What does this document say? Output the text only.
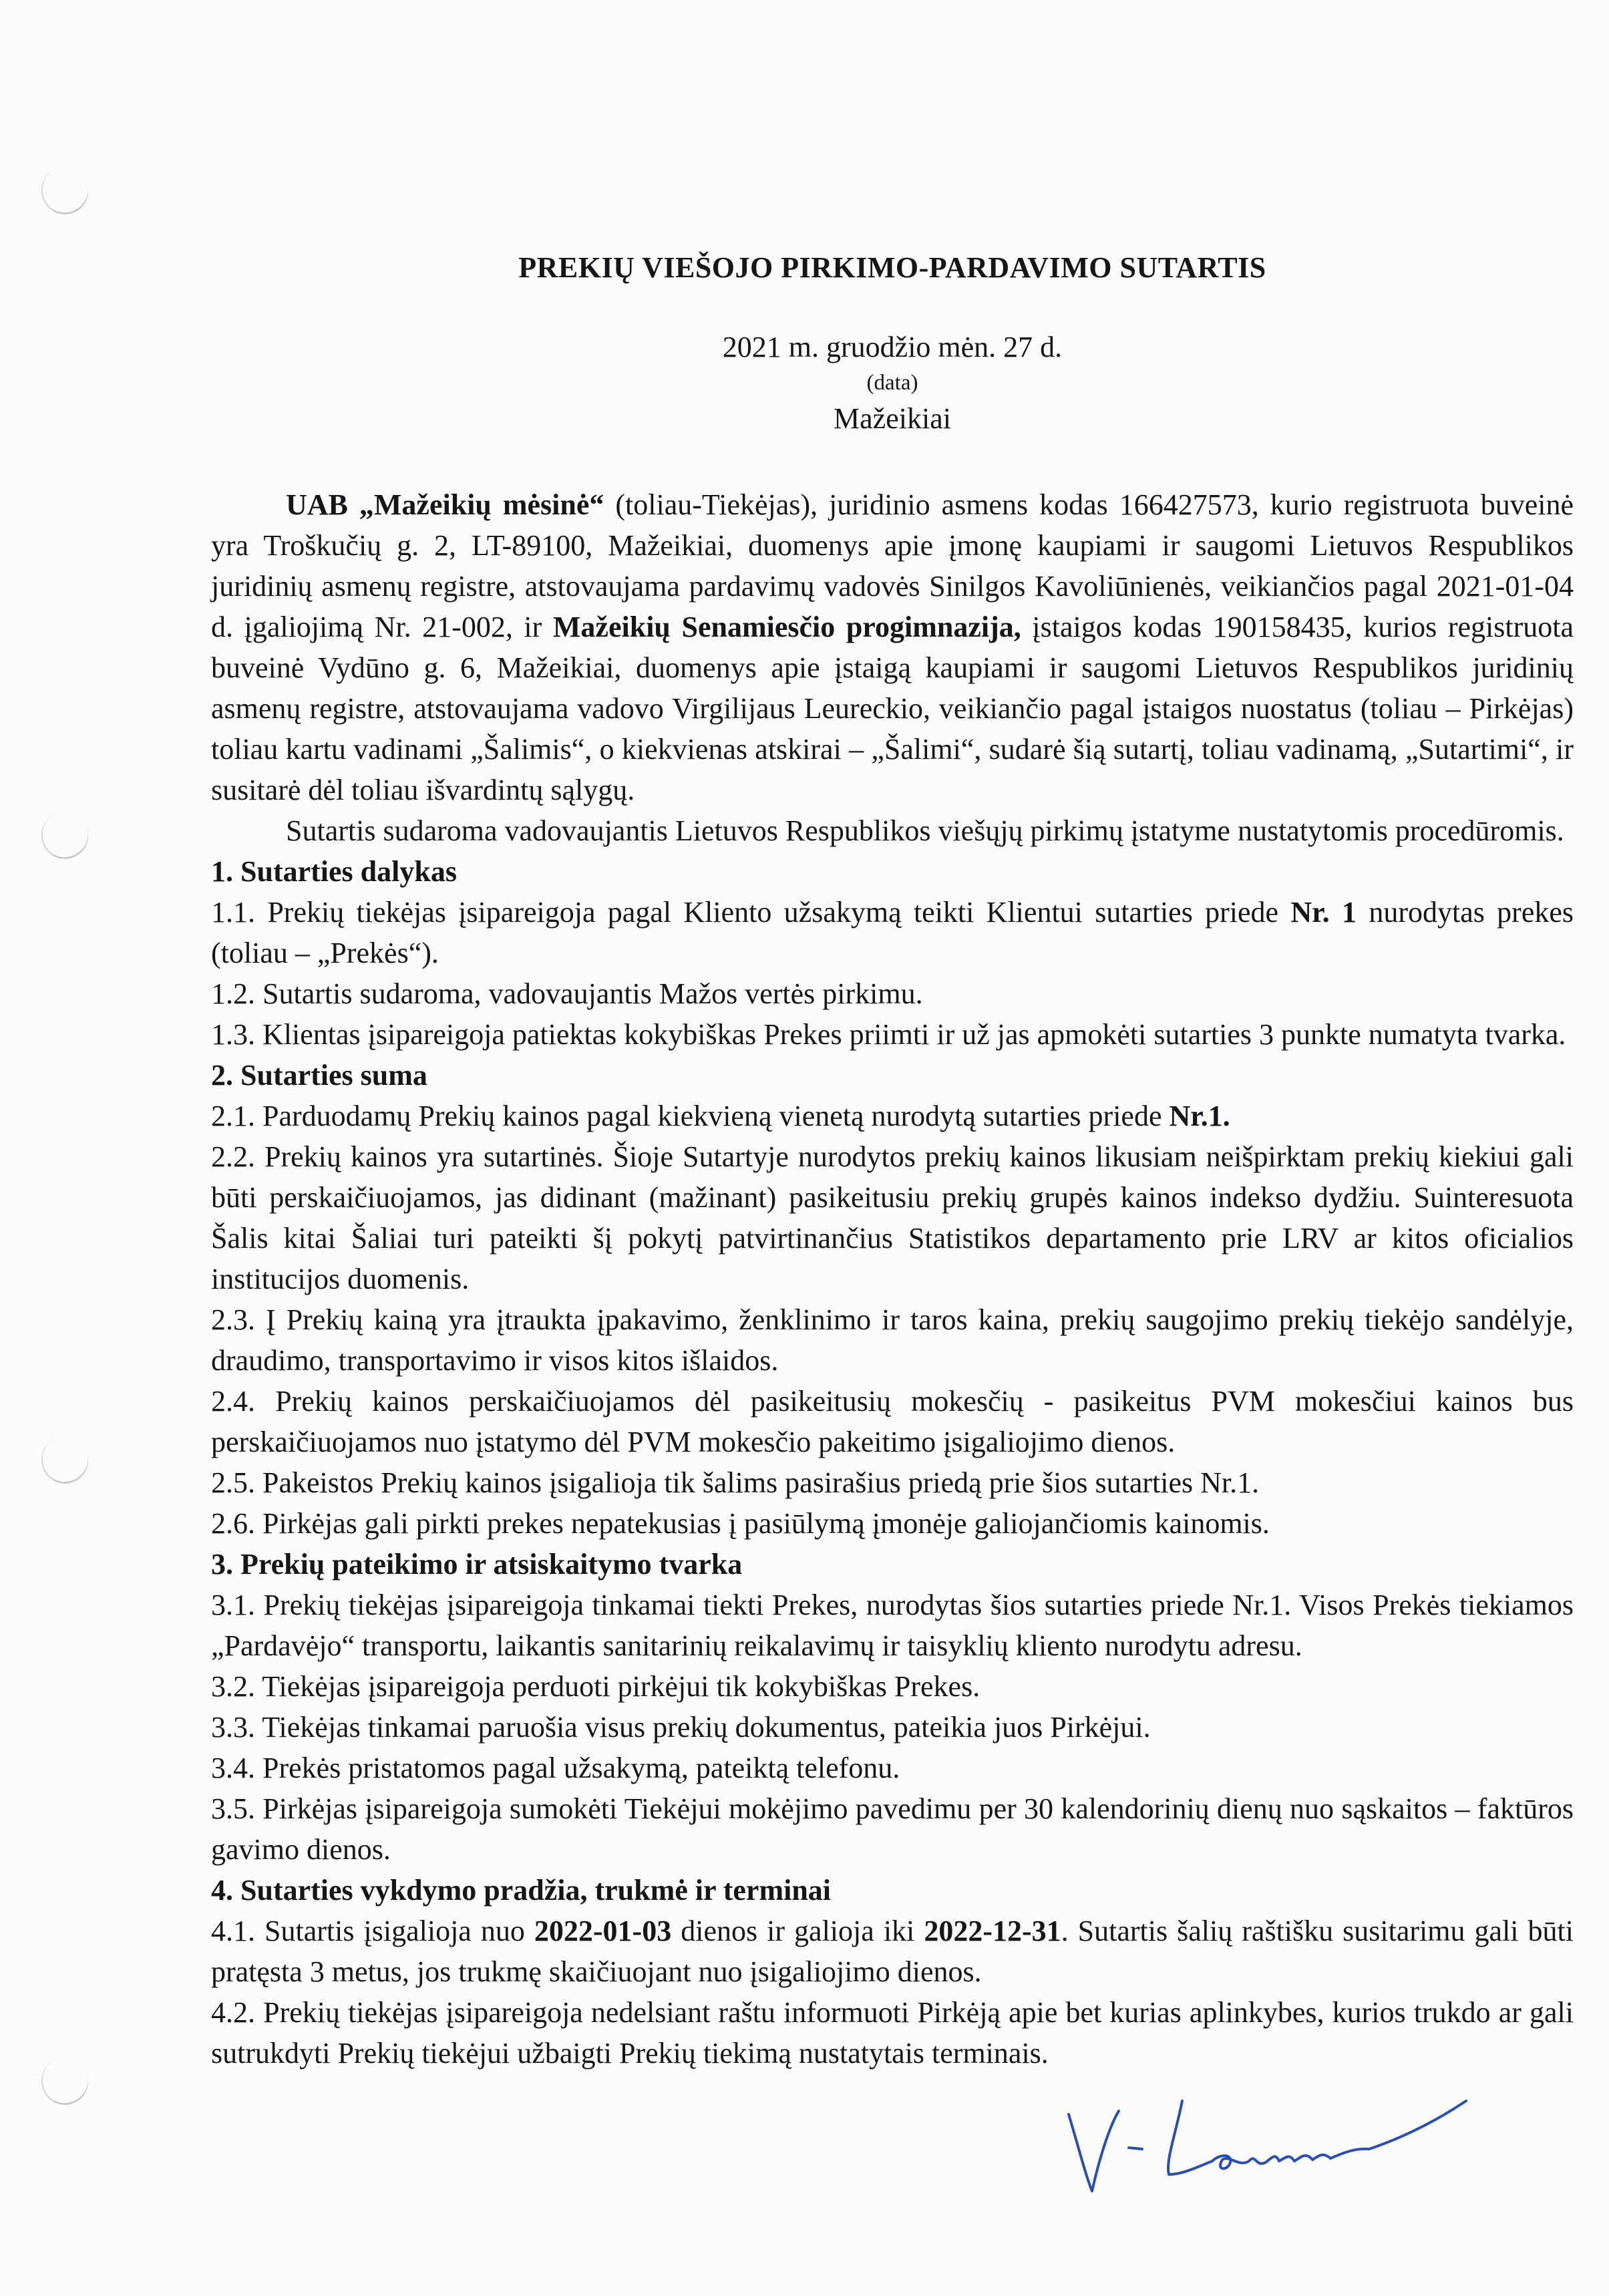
PREKIŲ VIEŠOJO PIRKIMO-PARDAVIMO SUTARTIS
2021 m. gruodžio mėn. 27 d.
(data)
Mažeikiai

UAB „Mažeikių mėsinė“ (toliau-Tiekėjas), juridinio asmens kodas 166427573, kurio registruota buveinė yra Troškučių g. 2, LT-89100, Mažeikiai, duomenys apie įmonę kaupiami ir saugomi Lietuvos Respublikos juridinių asmenų registre, atstovaujama pardavimų vadovės Sinilgos Kavoliūnienės, veikiančios pagal 2021-01-04 d. įgaliojimą Nr. 21-002, ir Mažeikių Senamiesčio progimnazija, įstaigos kodas 190158435, kurios registruota buveinė Vydūno g. 6, Mažeikiai, duomenys apie įstaigą kaupiami ir saugomi Lietuvos Respublikos juridinių asmenų registre, atstovaujama vadovo Virgilijaus Leureckio, veikiančio pagal įstaigos nuostatus (toliau – Pirkėjas) toliau kartu vadinami „Šalimis“, o kiekvienas atskirai – „Šalimi“, sudarė šią sutartį, toliau vadinamą, „Sutartimi“, ir susitarė dėl toliau išvardintų sąlygų.

Sutartis sudaroma vadovaujantis Lietuvos Respublikos viešųjų pirkimų įstatyme nustatytomis procedūromis.

1. Sutarties dalykas

1.1. Prekių tiekėjas įsipareigoja pagal Kliento užsakymą teikti Klientui sutarties priede Nr. 1 nurodytas prekes (toliau – „Prekės“).

1.2. Sutartis sudaroma, vadovaujantis Mažos vertės pirkimu.

1.3. Klientas įsipareigoja patiektas kokybiškas Prekes priimti ir už jas apmokėti sutarties 3 punkte numatyta tvarka.

2. Sutarties suma

2.1. Parduodamų Prekių kainos pagal kiekvieną vienetą nurodytą sutarties priede Nr.1.

2.2. Prekių kainos yra sutartinės. Šioje Sutartyje nurodytos prekių kainos likusiam neišpirktam prekių kiekiui gali būti perskaičiuojamos, jas didinant (mažinant) pasikeitusiu prekių grupės kainos indekso dydžiu. Suinteresuota Šalis kitai Šaliai turi pateikti šį pokytį patvirtinančius Statistikos departamento prie LRV ar kitos oficialios institucijos duomenis.

2.3. Į Prekių kainą yra įtraukta įpakavimo, ženklinimo ir taros kaina, prekių saugojimo prekių tiekėjo sandėlyje, draudimo, transportavimo ir visos kitos išlaidos.

2.4. Prekių kainos perskaičiuojamos dėl pasikeitusių mokesčių - pasikeitus PVM mokesčiui kainos bus perskaičiuojamos nuo įstatymo dėl PVM mokesčio pakeitimo įsigaliojimo dienos.

2.5. Pakeistos Prekių kainos įsigalioja tik šalims pasirašius priedą prie šios sutarties Nr.1.

2.6. Pirkėjas gali pirkti prekes nepatekusias į pasiūlymą įmonėje galiojančiomis kainomis.

3. Prekių pateikimo ir atsiskaitymo tvarka

3.1. Prekių tiekėjas įsipareigoja tinkamai tiekti Prekes, nurodytas šios sutarties priede Nr.1. Visos Prekės tiekiamos „Pardavėjo“ transportu, laikantis sanitarinių reikalavimų ir taisyklių kliento nurodytu adresu.

3.2. Tiekėjas įsipareigoja perduoti pirkėjui tik kokybiškas Prekes.

3.3. Tiekėjas tinkamai paruošia visus prekių dokumentus, pateikia juos Pirkėjui.

3.4. Prekės pristatomos pagal užsakymą, pateiktą telefonu.

3.5. Pirkėjas įsipareigoja sumokėti Tiekėjui mokėjimo pavedimu per 30 kalendorinių dienų nuo sąskaitos – faktūros gavimo dienos.

4. Sutarties vykdymo pradžia, trukmė ir terminai

4.1. Sutartis įsigalioja nuo 2022-01-03 dienos ir galioja iki 2022-12-31. Sutartis šalių raštišku susitarimu gali būti pratęsta 3 metus, jos trukmę skaičiuojant nuo įsigaliojimo dienos.

4.2. Prekių tiekėjas įsipareigoja nedelsiant raštu informuoti Pirkėją apie bet kurias aplinkybes, kurios trukdo ar gali sutrukdyti Prekių tiekėjui užbaigti Prekių tiekimą nustatytais terminais.
